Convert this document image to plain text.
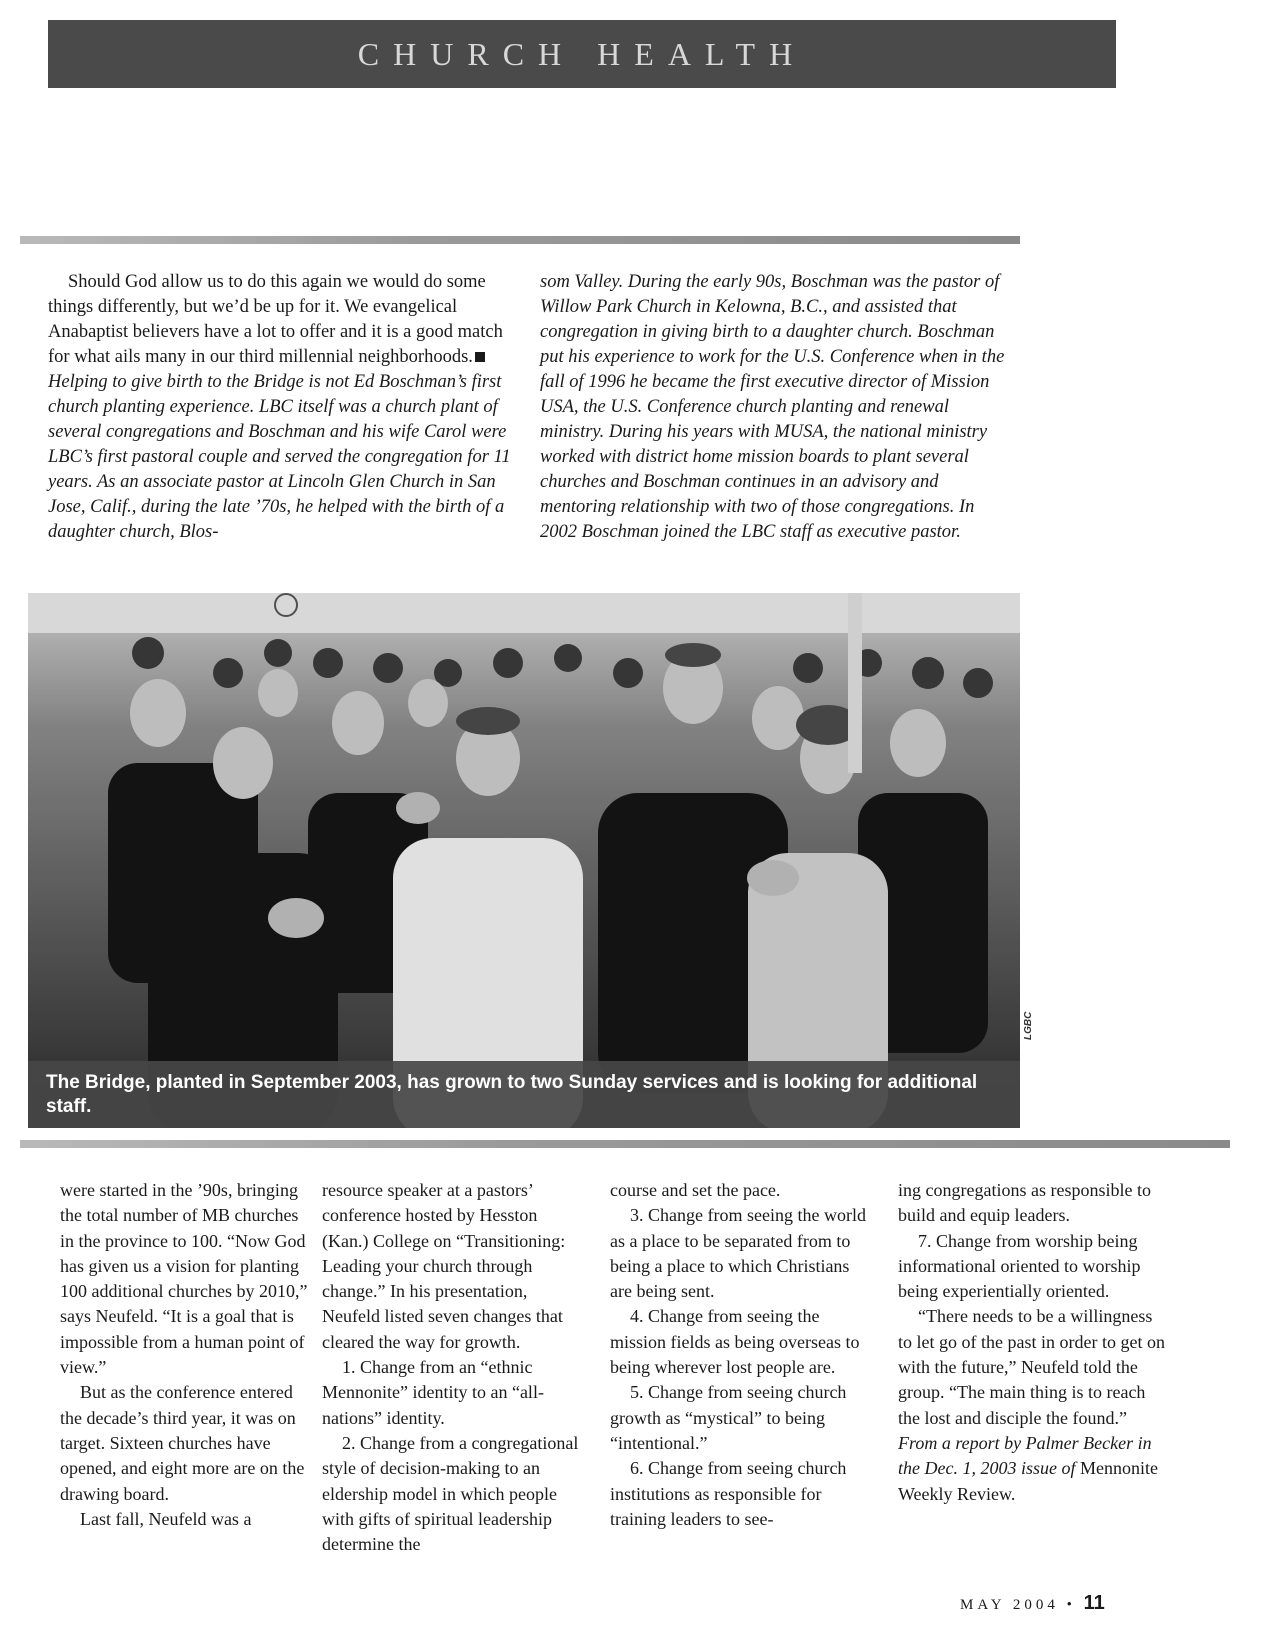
CHURCH HEALTH

Should God allow us to do this again we would do some things differently, but we’d be up for it. We evangelical Anabaptist believers have a lot to offer and it is a good match for what ails many in our third millennial neighborhoods.

Helping to give birth to the Bridge is not Ed Boschman’s first church planting experience. LBC itself was a church plant of several congregations and Boschman and his wife Carol were LBC’s first pastoral couple and served the congregation for 11 years. As an associate pastor at Lincoln Glen Church in San Jose, Calif., during the late ’70s, he helped with the birth of a daughter church, Blos-

som Valley. During the early 90s, Boschman was the pastor of Willow Park Church in Kelowna, B.C., and assisted that congregation in giving birth to a daughter church. Boschman put his experience to work for the U.S. Conference when in the fall of 1996 he became the first executive director of Mission USA, the U.S. Conference church planting and renewal ministry. During his years with MUSA, the national ministry worked with district home mission boards to plant several churches and Boschman continues in an advisory and mentoring relationship with two of those congregations. In 2002 Boschman joined the LBC staff as executive pastor.

The Bridge, planted in September 2003, has grown to two Sunday services and is looking for additional staff.
LGBC

were started in the ’90s, bringing the total number of MB churches in the province to 100. “Now God has given us a vision for planting 100 additional churches by 2010,” says Neufeld. “It is a goal that is impossible from a human point of view.”

But as the conference entered the decade’s third year, it was on target. Sixteen churches have opened, and eight more are on the drawing board.

Last fall, Neufeld was a

resource speaker at a pastors’ conference hosted by Hesston (Kan.) College on “Transitioning: Leading your church through change.” In his presentation, Neufeld listed seven changes that cleared the way for growth.

1. Change from an “ethnic Mennonite” identity to an “all-nations” identity.

2. Change from a congregational style of decision-making to an eldership model in which people with gifts of spiritual leadership determine the

course and set the pace.

3. Change from seeing the world as a place to be separated from to being a place to which Christians are being sent.

4. Change from seeing the mission fields as being overseas to being wherever lost people are.

5. Change from seeing church growth as “mystical” to being “intentional.”

6. Change from seeing church institutions as responsible for training leaders to see-

ing congregations as responsible to build and equip leaders.

7. Change from worship being informational oriented to worship being experientially oriented.

“There needs to be a willingness to let go of the past in order to get on with the future,” Neufeld told the group. “The main thing is to reach the lost and disciple the found.”

From a report by Palmer Becker in the Dec. 1, 2003 issue of Mennonite Weekly Review.

MAY 2004 • 11
